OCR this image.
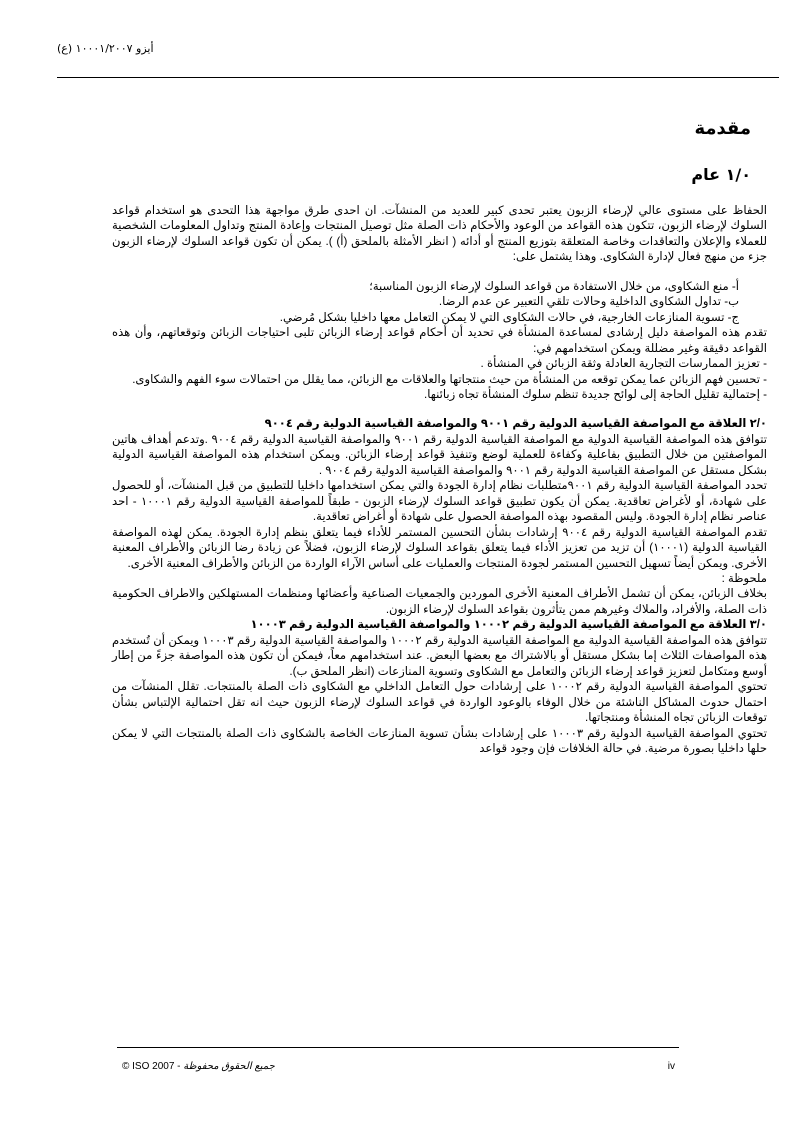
أيزو ١٠٠٠١/٢٠٠٧ (ع)
مقدمة
١/٠ عام

الحفاظ على مستوى عالي لإرضاء الزبون يعتبر تحدى كبير للعديد من المنشآت. ان احدى طرق مواجهة هذا التحدى هو استخدام قواعد السلوك لإرضاء الزبون، تتكون هذه القواعد من الوعود والأحكام ذات الصلة مثل توصيل المنتجات وإعادة المنتج وتداول المعلومات الشخصية للعملاء والإعلان والتعاقدات وخاصة المتعلقة بتوزيع المنتج أو أدائه ( انظر الأمثلة بالملحق (أ) ). يمكن أن تكون قواعد السلوك لإرضاء الزبون جزء من منهج فعال لإدارة الشكاوى. وهذا يشتمل على:

أ- منع الشكاوى، من خلال الاستفادة من قواعد السلوك لإرضاء الزبون المناسبة؛

ب- تداول الشكاوى الداخلية وحالات تلقي التعبير عن عدم الرضا.

ج- تسوية المنازعات الخارجية، في حالات الشكاوى التي لا يمكن التعامل معها داخليا بشكل مُرضي.

تقدم هذه المواصفة دليل إرشادى لمساعدة المنشأة في تحديد أن أحكام قواعد إرضاء الزبائن تلبى احتياجات الزبائن وتوقعاتهم، وأن هذه القواعد دقيقة وغير مضللة ويمكن استخدامهم في:

- تعزيز الممارسات التجارية العادلة وثقة الزبائن في المنشأة .

- تحسين فهم الزبائن عما يمكن توقعه من المنشأة من حيث منتجاتها والعلاقات مع الزبائن، مما يقلل من احتمالات سوء الفهم والشكاوى.

- إحتمالية تقليل الحاجة إلى لوائح جديدة تنظم سلوك المنشأة تجاه زبائنها.

٢/٠ العلاقة مع المواصفة القياسية الدولية رقم ٩٠٠١ والمواصفة القياسية الدولية رقم ٩٠٠٤

تتوافق هذه المواصفة القياسية الدولية مع المواصفة القياسية الدولية رقم ٩٠٠١ والمواصفة القياسية الدولية رقم ٩٠٠٤ .وتدعم أهداف هاتين المواصفتين من خلال التطبيق بفاعلية وكفاءة للعملية لوضع وتنفيذ قواعد إرضاء الزبائن. ويمكن استخدام هذه المواصفة القياسية الدولية بشكل مستقل عن المواصفة القياسية الدولية رقم ٩٠٠١ والمواصفة القياسية الدولية رقم ٩٠٠٤ .

تحدد المواصفة القياسية الدولية رقم ٩٠٠١متطلبات نظام إدارة الجودة والتي يمكن استخدامها داخليا للتطبيق من قبل المنشآت، أو للحصول على شهادة، أو لأغراض تعاقدية. يمكن أن يكون تطبيق قواعد السلوك لإرضاء الزبون - طبقاً للمواصفة القياسية الدولية رقم ١٠٠٠١ - احد عناصر نظام إدارة الجودة. وليس المقصود بهذه المواصفة الحصول على شهادة أو أغراض تعاقدية.

تقدم المواصفة القياسية الدولية رقم ٩٠٠٤ إرشادات بشأن التحسين المستمر للأداء فيما يتعلق بنظم إدارة الجودة. يمكن لهذه المواصفة القياسية الدولية (١٠٠٠١) أن تزيد من تعزيز الأداء فيما يتعلق بقواعد السلوك لإرضاء الزبون، فضلاً عن زيادة رضا الزبائن والأطراف المعنية الأخرى. ويمكن أيضاً تسهيل التحسين المستمر لجودة المنتجات والعمليات على أساس الآراء الواردة من الزبائن والأطراف المعنية الأخرى.

ملحوظة :

بخلاف الزبائن، يمكن أن تشمل الأطراف المعنية الأخرى الموردين والجمعيات الصناعية وأعضائها ومنظمات المستهلكين والاطراف الحكومية ذات الصلة، والأفراد، والملاك وغيرهم ممن يتأثرون بقواعد السلوك لإرضاء الزبون.

٣/٠ العلاقة مع المواصفة القياسية الدولية رقم ١٠٠٠٢ والمواصفة القياسية الدولية رقم ١٠٠٠٣

تتوافق هذه المواصفة القياسية الدولية مع المواصفة القياسية الدولية رقم ١٠٠٠٢ والمواصفة القياسية الدولية رقم ١٠٠٠٣ ويمكن أن تُستخدم هذه المواصفات الثلاث إما بشكل مستقل أو بالاشتراك مع بعضها البعض. عند استخدامهم معاً، فيمكن أن تكون هذه المواصفة جزءً من إطار أوسع ومتكامل لتعزيز قواعد إرضاء الزبائن والتعامل مع الشكاوى وتسوية المنازعات (انظر الملحق ب).

تحتوي المواصفة القياسية الدولية رقم ١٠٠٠٢ على إرشادات حول التعامل الداخلي مع الشكاوى ذات الصلة بالمنتجات. تقلل المنشآت من احتمال حدوث المشاكل الناشئة من خلال الوفاء بالوعود الواردة في قواعد السلوك لإرضاء الزبون حيث انه تقل احتمالية الإلتباس بشأن توقعات الزبائن تجاه المنشأة ومنتجاتها.

تحتوي المواصفة القياسية الدولية رقم ١٠٠٠٣ على إرشادات بشأن تسوية المنازعات الخاصة بالشكاوى ذات الصلة بالمنتجات التي لا يمكن حلها داخليا بصورة مرضية. في حالة الخلافات فإن وجود قواعد

© ISO 2007 - جميع الحقوق محفوظة	iv
